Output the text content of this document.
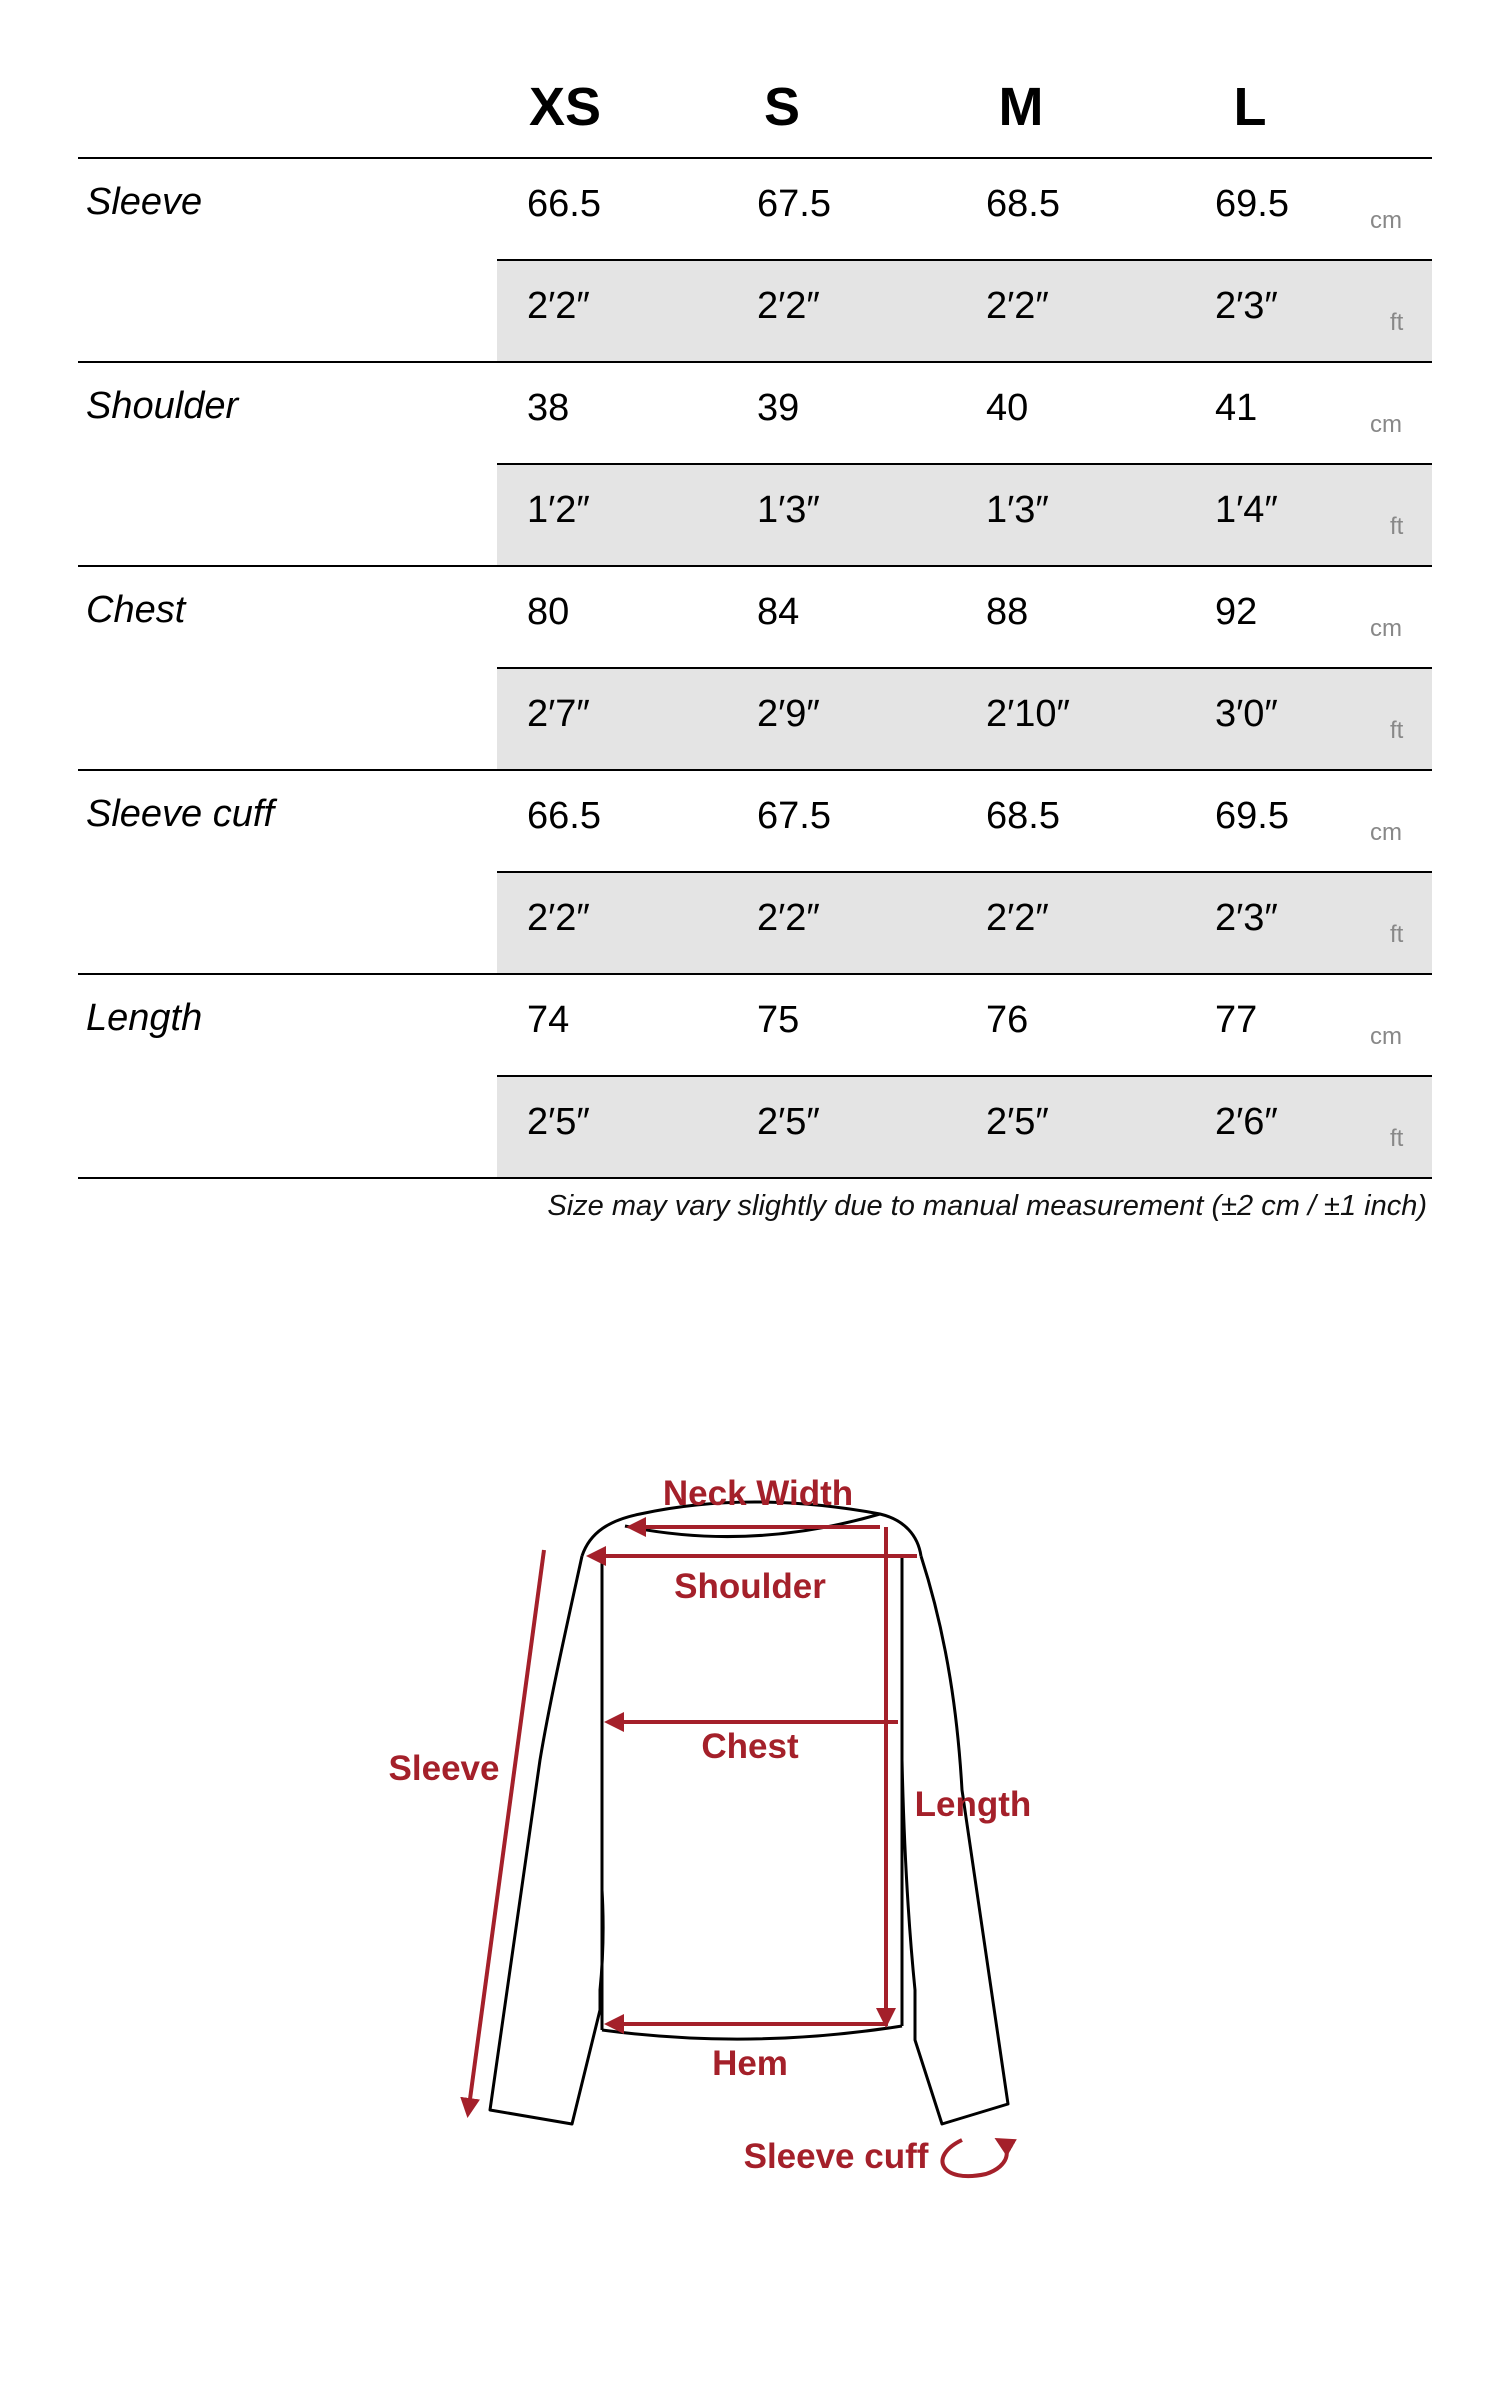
XS	S	M	L
Sleeve	66.5	67.5	68.5	69.5	cm
2′2″	2′2″	2′2″	2′3″	ft
Shoulder	38	39	40	41	cm
1′2″	1′3″	1′3″	1′4″	ft
Chest	80	84	88	92	cm
2′7″	2′9″	2′10″	3′0″	ft
Sleeve cuff	66.5	67.5	68.5	69.5	cm
2′2″	2′2″	2′2″	2′3″	ft
Length	74	75	76	77	cm
2′5″	2′5″	2′5″	2′6″	ft
Size may vary slightly due to manual measurement (±2 cm / ±1 inch)
Neck Width
Shoulder
Chest
Sleeve
Length
Hem
Sleeve cuff
